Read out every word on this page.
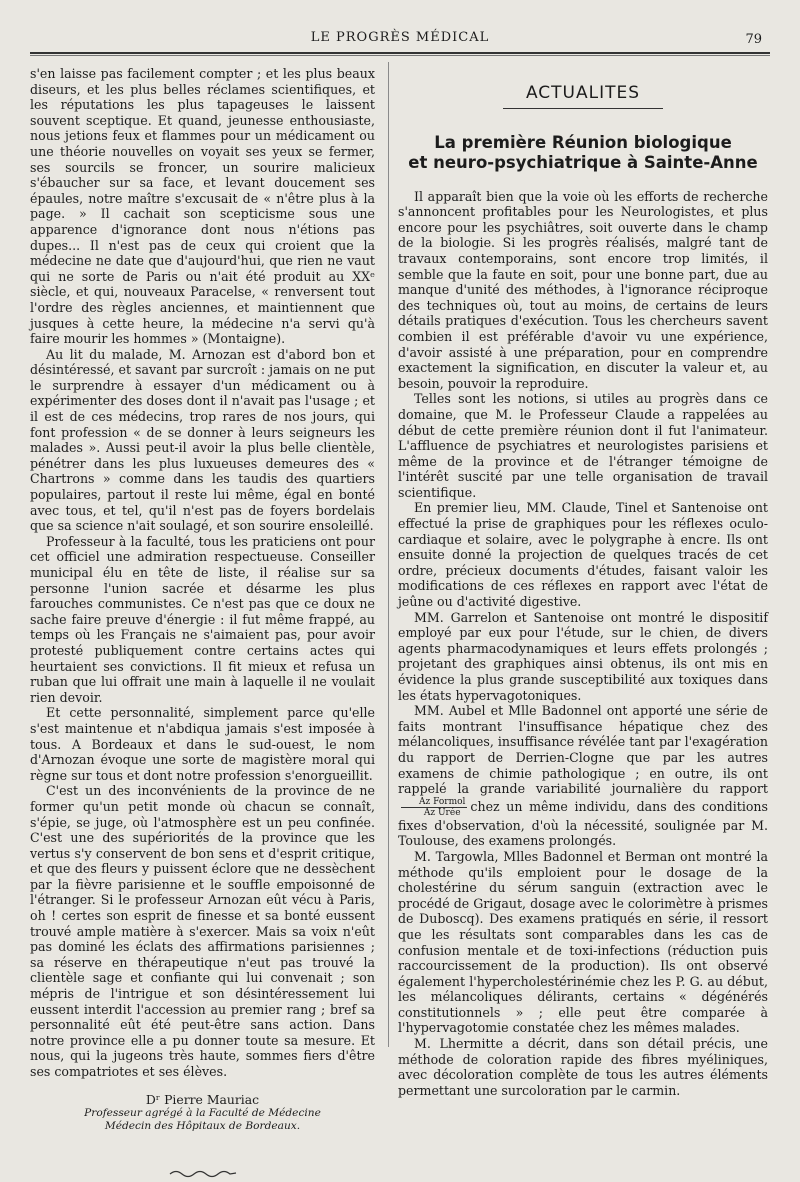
LE PROGRÈS MÉDICAL	79

s'en laisse pas facilement compter ; et les plus beaux diseurs, et les plus belles réclames scientifiques, et les réputations les plus tapageuses le laissent souvent sceptique. Et quand, jeunesse enthousiaste, nous jetions feux et flammes pour un médicament ou une théorie nouvelles on voyait ses yeux se fermer, ses sourcils se froncer, un sourire malicieux s'ébaucher sur sa face, et levant doucement ses épaules, notre maître s'excusait de « n'être plus à la page. » Il cachait son scepticisme sous une apparence d'ignorance dont nous n'étions pas dupes... Il n'est pas de ceux qui croient que la médecine ne date que d'aujourd'hui, que rien ne vaut qui ne sorte de Paris ou n'ait été produit au XXᵉ siècle, et qui, nouveaux Paracelse, « renversent tout l'ordre des règles anciennes, et maintiennent que jusques à cette heure, la médecine n'a servi qu'à faire mourir les hommes » (Montaigne).

Au lit du malade, M. Arnozan est d'abord bon et désintéressé, et savant par surcroît : jamais on ne put le surprendre à essayer d'un médicament ou à expérimenter des doses dont il n'avait pas l'usage ; et il est de ces médecins, trop rares de nos jours, qui font profession « de se donner à leurs seigneurs les malades ». Aussi peut-il avoir la plus belle clientèle, pénétrer dans les plus luxueuses demeures des « Chartrons » comme dans les taudis des quartiers populaires, partout il reste lui même, égal en bonté avec tous, et tel, qu'il n'est pas de foyers bordelais que sa science n'ait soulagé, et son sourire ensoleillé.

Professeur à la faculté, tous les praticiens ont pour cet officiel une admiration respectueuse. Conseiller municipal élu en tête de liste, il réalise sur sa personne l'union sacrée et désarme les plus farouches communistes. Ce n'est pas que ce doux ne sache faire preuve d'énergie : il fut même frappé, au temps où les Français ne s'aimaient pas, pour avoir protesté publiquement contre certains actes qui heurtaient ses convictions. Il fit mieux et refusa un ruban que lui offrait une main à laquelle il ne voulait rien devoir.

Et cette personnalité, simplement parce qu'elle s'est maintenue et n'abdiqua jamais s'est imposée à tous. A Bordeaux et dans le sud-ouest, le nom d'Arnozan évoque une sorte de magistère moral qui règne sur tous et dont notre profession s'enorgueillit.

C'est un des inconvénients de la province de ne former qu'un petit monde où chacun se connaît, s'épie, se juge, où l'atmosphère est un peu confinée. C'est une des supériorités de la province que les vertus s'y conservent de bon sens et d'esprit critique, et que des fleurs y puissent éclore que ne dessèchent par la fièvre parisienne et le souffle empoisonné de l'étranger. Si le professeur Arnozan eût vécu à Paris, oh ! certes son esprit de finesse et sa bonté eussent trouvé ample matière à s'exercer. Mais sa voix n'eût pas dominé les éclats des affirmations parisiennes ; sa réserve en thérapeutique n'eut pas trouvé la clientèle sage et confiante qui lui convenait ; son mépris de l'intrigue et son désintéressement lui eussent interdit l'accession au premier rang ; bref sa personnalité eût été peut-être sans action. Dans notre province elle a pu donner toute sa mesure. Et nous, qui la jugeons très haute, sommes fiers d'être ses compatriotes et ses élèves.

Dʳ Pierre Mauriac
Professeur agrégé à la Faculté de Médecine
Médecin des Hôpitaux de Bordeaux.
ACTUALITES
La première Réunion biologique
et neuro-psychiatrique à Sainte-Anne

Il apparaît bien que la voie où les efforts de recherche s'annoncent profitables pour les Neurologistes, et plus encore pour les psychiâtres, soit ouverte dans le champ de la biologie. Si les progrès réalisés, malgré tant de travaux contemporains, sont encore trop limités, il semble que la faute en soit, pour une bonne part, due au manque d'unité des méthodes, à l'ignorance réciproque des techniques où, tout au moins, de certains de leurs détails pratiques d'exécution. Tous les chercheurs savent combien il est préférable d'avoir vu une expérience, d'avoir assisté à une préparation, pour en comprendre exactement la signification, en discuter la valeur et, au besoin, pouvoir la reproduire.

Telles sont les notions, si utiles au progrès dans ce domaine, que M. le Professeur Claude a rappelées au début de cette première réunion dont il fut l'animateur. L'affluence de psychiatres et neurologistes parisiens et même de la province et de l'étranger témoigne de l'intérêt suscité par une telle organisation de travail scientifique.

En premier lieu, MM. Claude, Tinel et Santenoise ont effectué la prise de graphiques pour les réflexes oculo-cardiaque et solaire, avec le polygraphe à encre. Ils ont ensuite donné la projection de quelques tracés de cet ordre, précieux documents d'études, faisant valoir les modifications de ces réflexes en rapport avec l'état de jeûne ou d'activité digestive.

MM. Garrelon et Santenoise ont montré le dispositif employé par eux pour l'étude, sur le chien, de divers agents pharmacodynamiques et leurs effets prolongés ; projetant des graphiques ainsi obtenus, ils ont mis en évidence la plus grande susceptibilité aux toxiques dans les états hypervagotoniques.

MM. Aubel et Mlle Badonnel ont apporté une série de faits montrant l'insuffisance hépatique chez des mélancoliques, insuffisance révélée tant par l'exagération du rapport de Derrien-Clogne que par les autres examens de chimie pathologique ; en outre, ils ont rappelé la grande variabilité journalière du rapport
$\frac{\text{Az Formol}}{\text{Az Urée}}$ chez un même individu, dans des conditions fixes d'observation, d'où la nécessité, soulignée par M. Toulouse, des examens prolongés.

M. Targowla, Mlles Badonnel et Berman ont montré la méthode qu'ils emploient pour le dosage de la cholestérine du sérum sanguin (extraction avec le procédé de Grigaut, dosage avec le colorimètre à prismes de Duboscq). Des examens pratiqués en série, il ressort que les résultats sont comparables dans les cas de confusion mentale et de toxi-infections (réduction puis raccourcissement de la production). Ils ont observé également l'hypercholestérinémie chez les P. G. au début, les mélancoliques délirants, certains « dégénérés constitutionnels » ; elle peut être comparée à l'hypervagotomie constatée chez les mêmes malades.

M. Lhermitte a décrit, dans son détail précis, une méthode de coloration rapide des fibres myéliniques, avec décoloration complète de tous les autres éléments permettant une surcoloration par le carmin.
